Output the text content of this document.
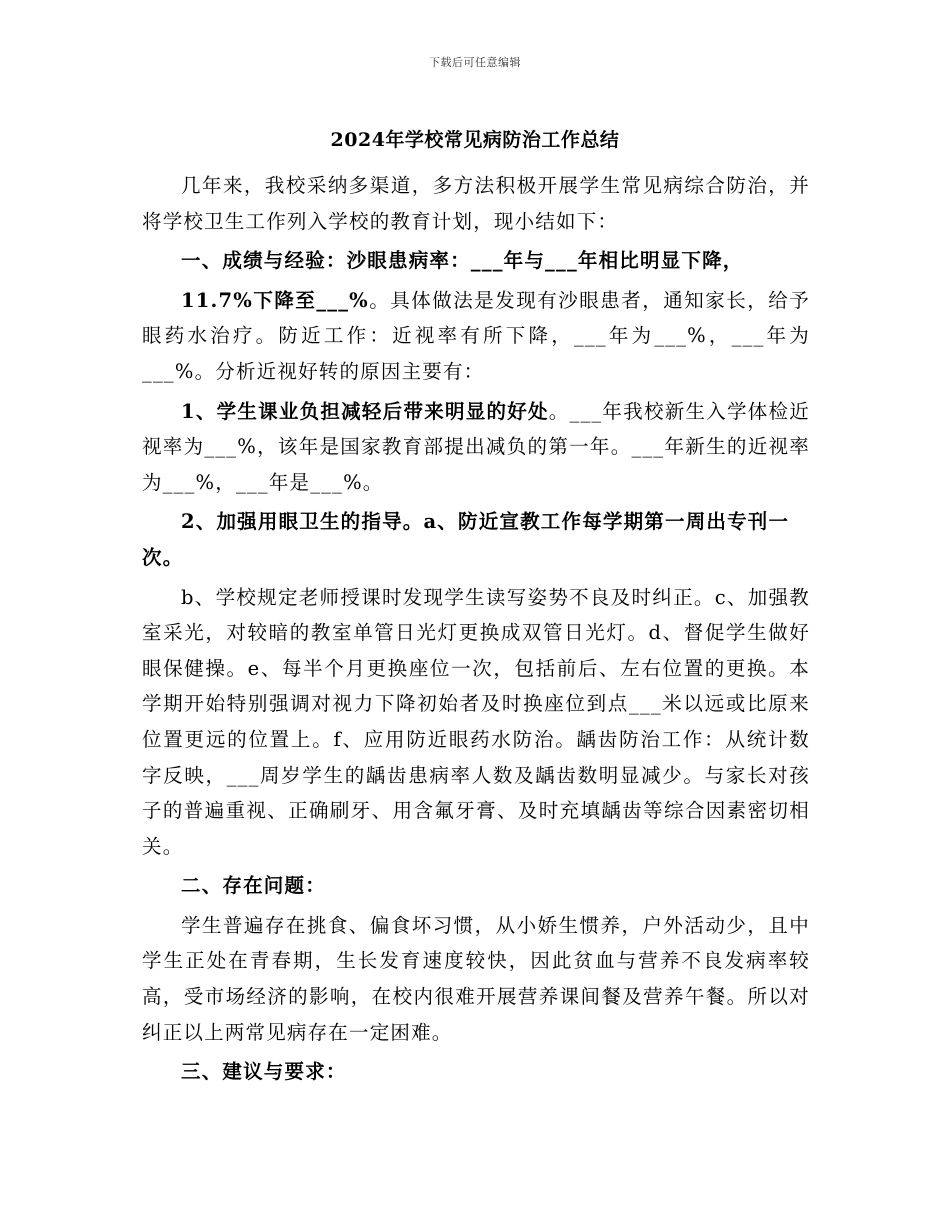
下载后可任意编辑
2024年学校常见病防治工作总结

几年来，我校采纳多渠道，多方法积极开展学生常见病综合防治，并将学校卫生工作列入学校的教育计划，现小结如下：

一、成绩与经验：沙眼患病率：___年与___年相比明显下降，

11.7%下降至___%。具体做法是发现有沙眼患者，通知家长，给予眼药水治疗。防近工作：近视率有所下降，___年为___%，___年为___%。分析近视好转的原因主要有：

1、学生课业负担减轻后带来明显的好处。___年我校新生入学体检近视率为___%，该年是国家教育部提出减负的第一年。___年新生的近视率为___%，___年是___%。

2、加强用眼卫生的指导。a、防近宣教工作每学期第一周出专刊一次。

b、学校规定老师授课时发现学生读写姿势不良及时纠正。c、加强教室采光，对较暗的教室单管日光灯更换成双管日光灯。d、督促学生做好眼保健操。e、每半个月更换座位一次，包括前后、左右位置的更换。本学期开始特别强调对视力下降初始者及时换座位到点___米以远或比原来位置更远的位置上。f、应用防近眼药水防治。龋齿防治工作：从统计数字反映，___周岁学生的龋齿患病率人数及龋齿数明显减少。与家长对孩子的普遍重视、正确刷牙、用含氟牙膏、及时充填龋齿等综合因素密切相关。

二、存在问题：

学生普遍存在挑食、偏食坏习惯，从小娇生惯养，户外活动少，且中学生正处在青春期，生长发育速度较快，因此贫血与营养不良发病率较高，受市场经济的影响，在校内很难开展营养课间餐及营养午餐。所以对纠正以上两常见病存在一定困难。

三、建议与要求：
